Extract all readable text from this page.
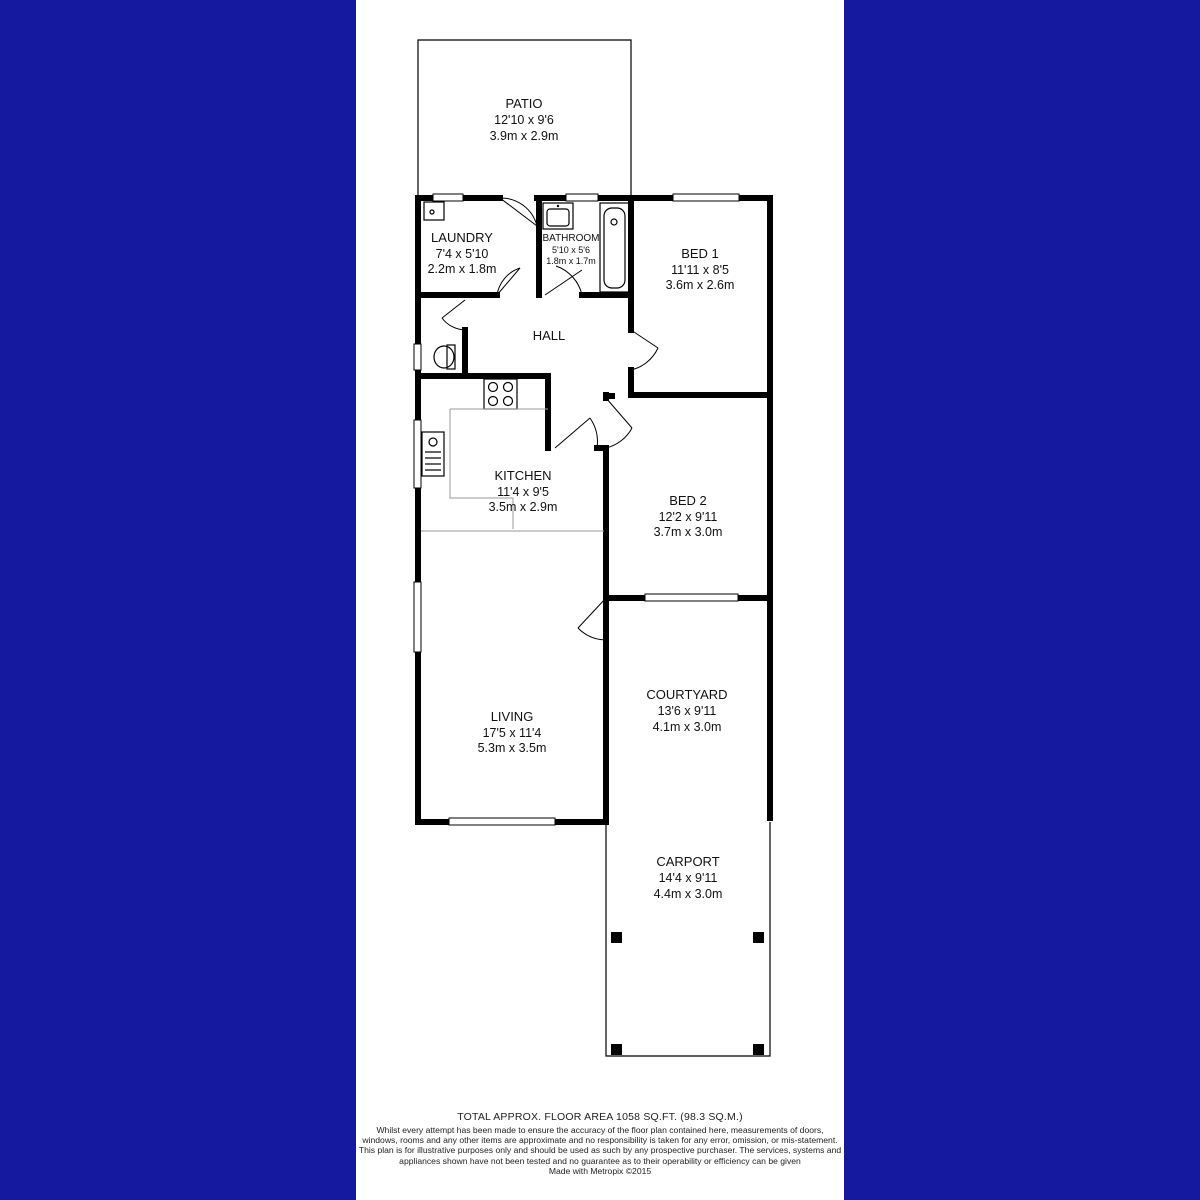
PATIO
12'10 x 9'6
3.9m x 2.9m
LAUNDRY
7'4 x 5'10
2.2m x 1.8m
BATHROOM
5'10 x 5'6
1.8m x 1.7m	BED 1
11'11 x 8'5
3.6m x 2.6m
HALL
KITCHEN
11'4 x 9'5
3.5m x 2.9m	BED 2
12'2 x 9'11
3.7m x 3.0m
COURTYARD
13'6 x 9'11
4.1m x 3.0m
LIVING
17'5 x 11'4
5.3m x 3.5m
CARPORT
14'4 x 9'11
4.4m x 3.0m
TOTAL APPROX. FLOOR AREA 1058 SQ.FT. (98.3 SQ.M.)
Whilst every attempt has been made to ensure the accuracy of the floor plan contained here, measurements of doors, windows, rooms and any other items are approximate and no responsibility is taken for any error, omission, or mis-statement. This plan is for illustrative purposes only and should be used as such by any prospective purchaser. The services, systems and appliances shown have not been tested and no guarantee as to their operability or efficiency can be given
Made with Metropix ©2015
